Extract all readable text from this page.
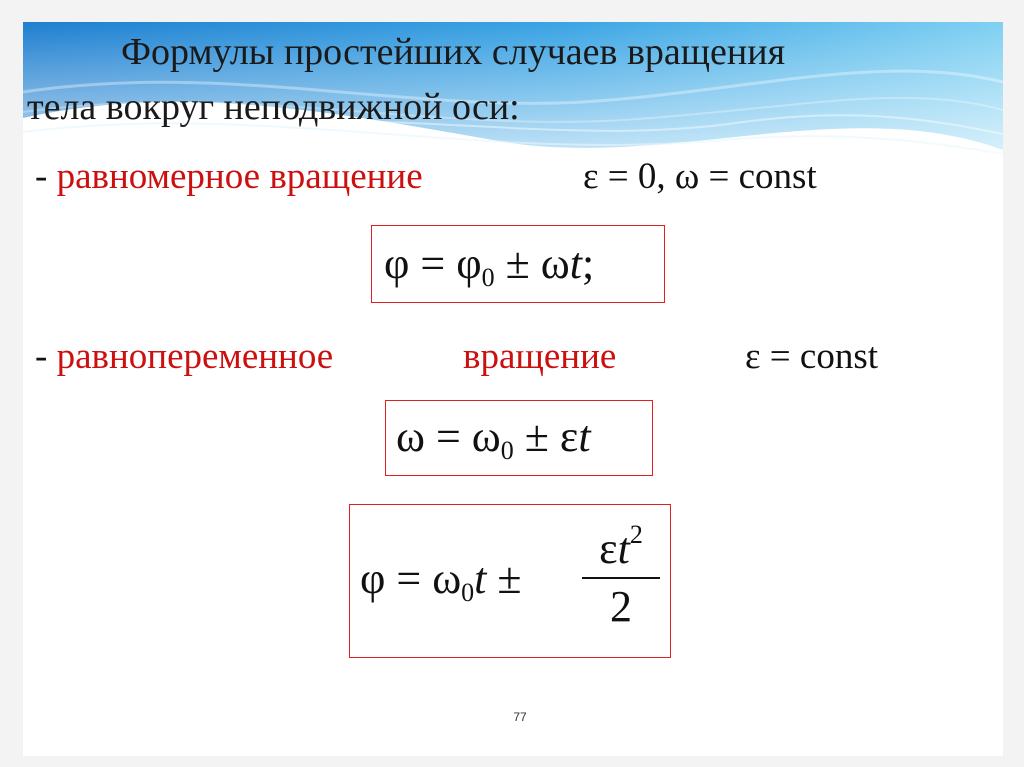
Формулы простейших случаев вращения
тела вокруг неподвижной оси:
- равномерное вращение	ε = 0, ω = const
$\varphi = \varphi_0 \pm \omega t$;
- равнопеременное	вращение	ε = const
$\omega = \omega_0 \pm \varepsilon t$
$\varphi = \omega_0t$ ±
$\varepsilon t^2$
2
77
